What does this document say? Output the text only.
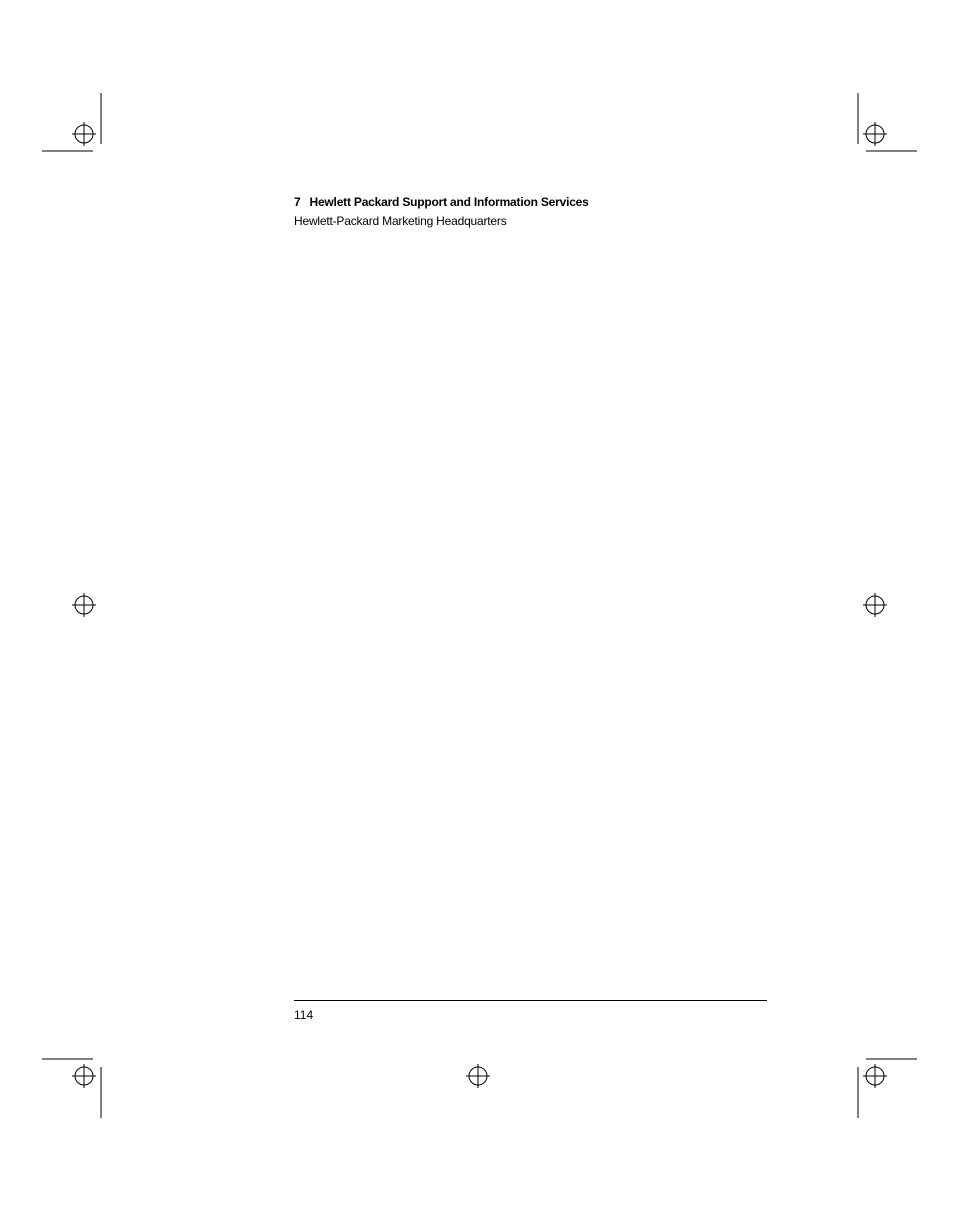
7 Hewlett Packard Support and Information Services
Hewlett-Packard Marketing Headquarters
114
